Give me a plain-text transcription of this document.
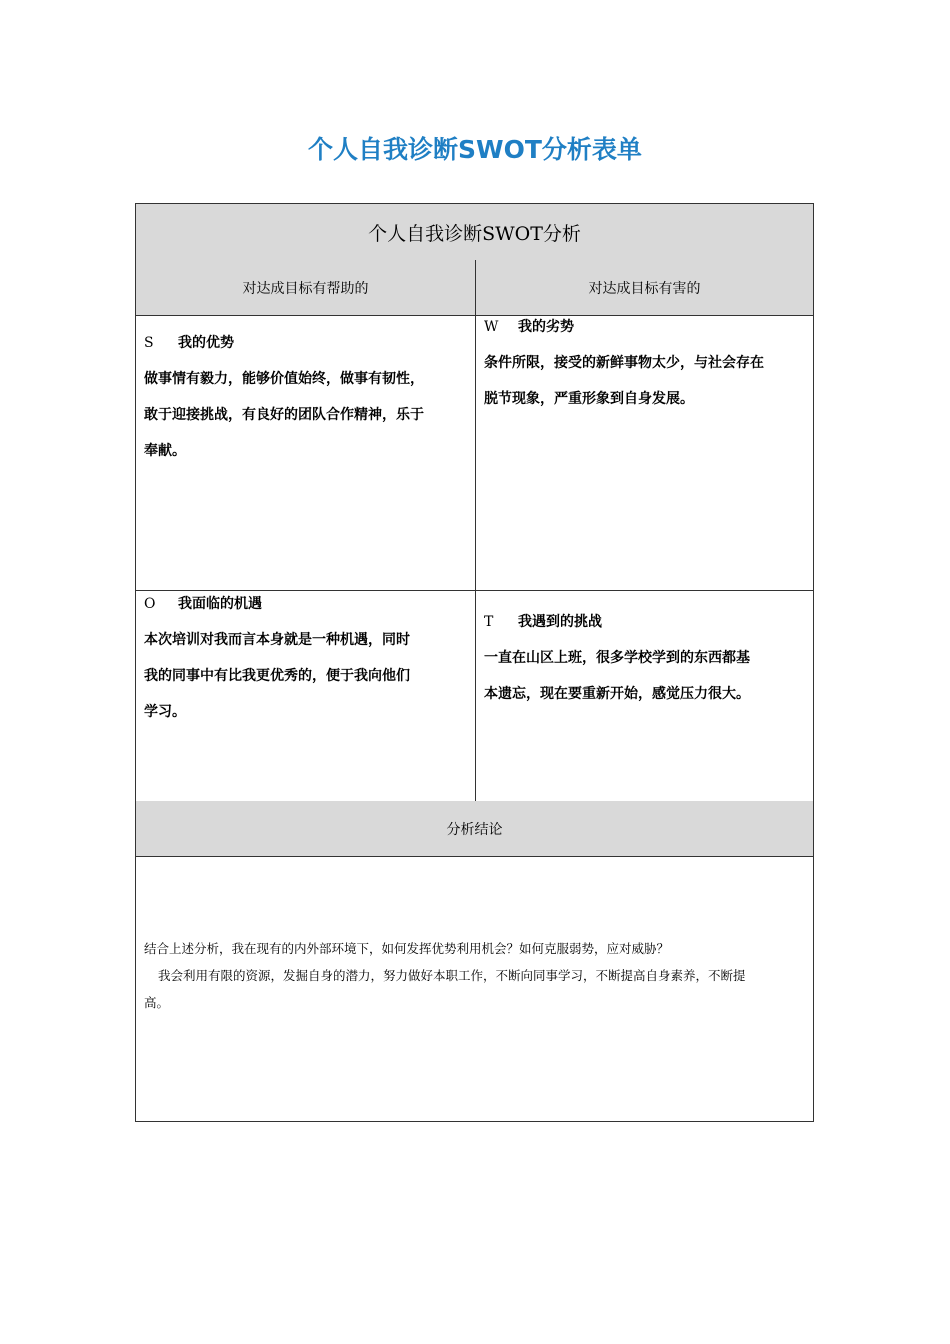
个人自我诊断SWOT分析表单
个人自我诊断SWOT分析
对达成目标有帮助的	对达成目标有害的
S	我的优势
做事情有毅力，能够价值始终，做事有韧性，
敢于迎接挑战，有良好的团队合作精神，乐于
奉献。
W	我的劣势
条件所限，接受的新鲜事物太少，与社会存在
脱节现象，严重形象到自身发展。
O	我面临的机遇
本次培训对我而言本身就是一种机遇，同时
我的同事中有比我更优秀的，便于我向他们
学习。
T	我遇到的挑战
一直在山区上班，很多学校学到的东西都基
本遗忘，现在要重新开始，感觉压力很大。
分析结论
结合上述分析，我在现有的内外部环境下，如何发挥优势利用机会？如何克服弱势，应对威胁？
我会利用有限的资源，发掘自身的潜力，努力做好本职工作，不断向同事学习，不断提高自身素养，不断提
高。
